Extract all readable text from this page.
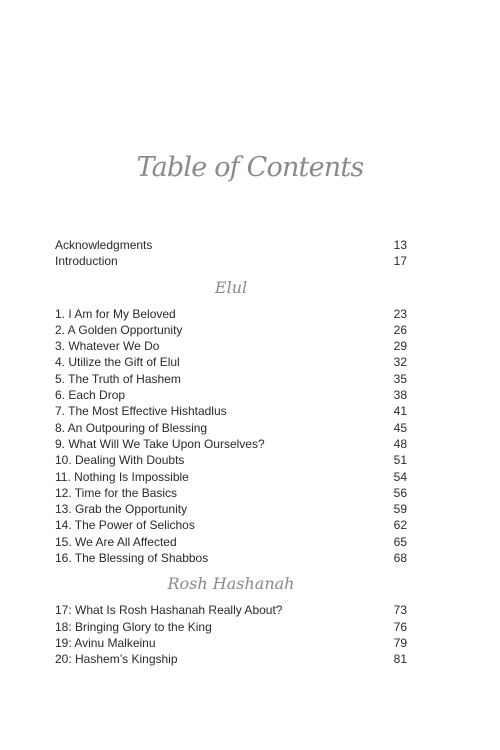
Table of Contents
Acknowledgments	13
Introduction	17
Elul
1. I Am for My Beloved	23
2. A Golden Opportunity	26
3. Whatever We Do	29
4. Utilize the Gift of Elul	32
5. The Truth of Hashem	35
6. Each Drop	38
7. The Most Effective Hishtadlus	41
8. An Outpouring of Blessing	45
9. What Will We Take Upon Ourselves?	48
10. Dealing With Doubts	51
11. Nothing Is Impossible	54
12. Time for the Basics	56
13. Grab the Opportunity	59
14. The Power of Selichos	62
15. We Are All Affected	65
16. The Blessing of Shabbos	68
Rosh Hashanah
17: What Is Rosh Hashanah Really About?	73
18: Bringing Glory to the King	76
19: Avinu Malkeinu	79
20: Hashem’s Kingship	81
